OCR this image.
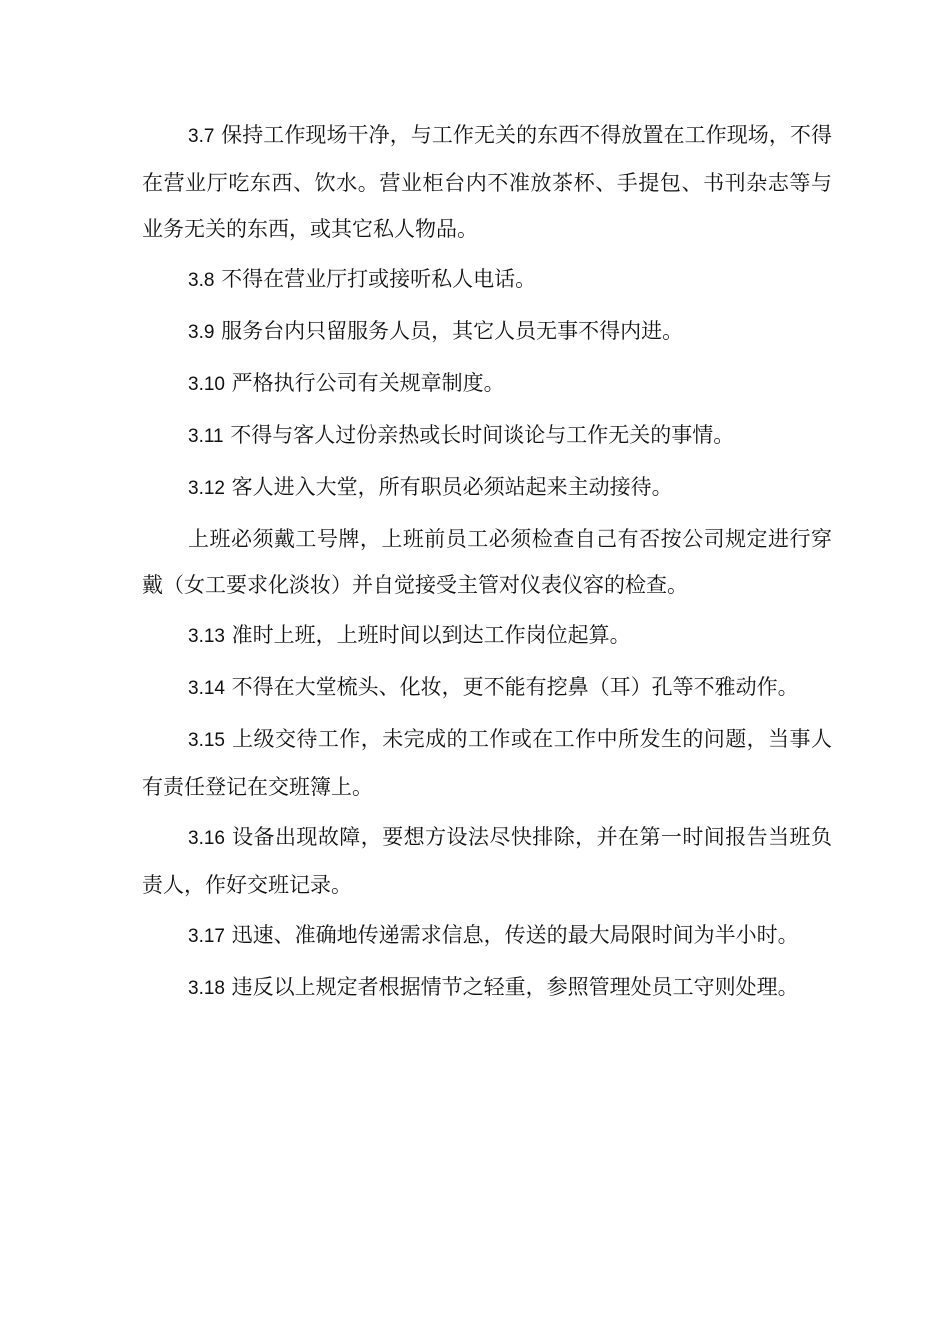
3.7 保持工作现场干净，与工作无关的东西不得放置在工作现场，不得在营业厅吃东西、饮水。营业柜台内不准放茶杯、手提包、书刊杂志等与业务无关的东西，或其它私人物品。

3.8 不得在营业厅打或接听私人电话。

3.9 服务台内只留服务人员，其它人员无事不得内进。

3.10 严格执行公司有关规章制度。

3.11 不得与客人过份亲热或长时间谈论与工作无关的事情。

3.12 客人进入大堂，所有职员必须站起来主动接待。

上班必须戴工号牌，上班前员工必须检查自己有否按公司规定进行穿戴（女工要求化淡妆）并自觉接受主管对仪表仪容的检查。

3.13 准时上班，上班时间以到达工作岗位起算。

3.14 不得在大堂梳头、化妆，更不能有挖鼻（耳）孔等不雅动作。

3.15 上级交待工作，未完成的工作或在工作中所发生的问题，当事人有责任登记在交班簿上。

3.16 设备出现故障，要想方设法尽快排除，并在第一时间报告当班负责人，作好交班记录。

3.17 迅速、准确地传递需求信息，传送的最大局限时间为半小时。

3.18 违反以上规定者根据情节之轻重，参照管理处员工守则处理。
